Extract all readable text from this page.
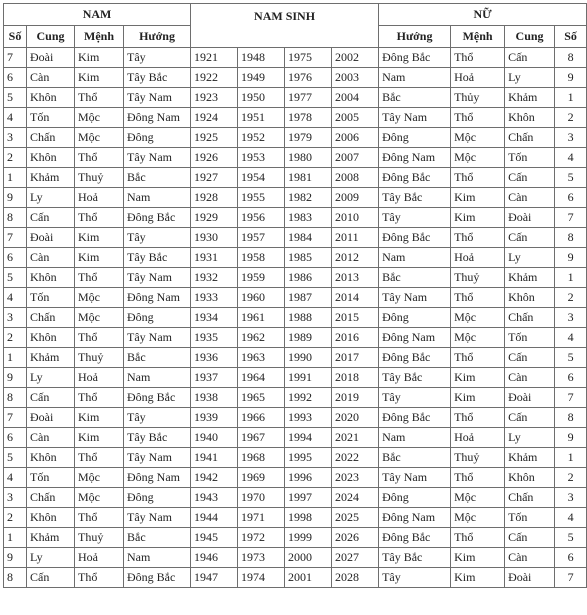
NAM				NAM SINH				NỮ			
Số	Cung	Mệnh	Hướng					Hướng	Mệnh	Cung	Số
7	Đoài	Kim	Tây	1921	1948	1975	2002	Đông Bắc	Thổ	Cấn	8
6	Càn	Kim	Tây Bắc	1922	1949	1976	2003	Nam	Hoả	Ly	9
5	Khôn	Thổ	Tây Nam	1923	1950	1977	2004	Bắc	Thủy	Khảm	1
4	Tốn	Mộc	Đông Nam	1924	1951	1978	2005	Tây Nam	Thổ	Khôn	2
3	Chấn	Mộc	Đông	1925	1952	1979	2006	Đông	Mộc	Chấn	3
2	Khôn	Thổ	Tây Nam	1926	1953	1980	2007	Đông Nam	Mộc	Tốn	4
1	Khảm	Thuỷ	Bắc	1927	1954	1981	2008	Đông Bắc	Thổ	Cấn	5
9	Ly	Hoả	Nam	1928	1955	1982	2009	Tây Bắc	Kim	Càn	6
8	Cấn	Thổ	Đông Bắc	1929	1956	1983	2010	Tây	Kim	Đoài	7
7	Đoài	Kim	Tây	1930	1957	1984	2011	Đông Bắc	Thổ	Cấn	8
6	Càn	Kim	Tây Bắc	1931	1958	1985	2012	Nam	Hoả	Ly	9
5	Khôn	Thổ	Tây Nam	1932	1959	1986	2013	Bắc	Thuỷ	Khảm	1
4	Tốn	Mộc	Đông Nam	1933	1960	1987	2014	Tây Nam	Thổ	Khôn	2
3	Chấn	Mộc	Đông	1934	1961	1988	2015	Đông	Mộc	Chấn	3
2	Khôn	Thổ	Tây Nam	1935	1962	1989	2016	Đông Nam	Mộc	Tốn	4
1	Khảm	Thuỷ	Bắc	1936	1963	1990	2017	Đông Bắc	Thổ	Cấn	5
9	Ly	Hoả	Nam	1937	1964	1991	2018	Tây Bắc	Kim	Càn	6
8	Cấn	Thổ	Đông Bắc	1938	1965	1992	2019	Tây	Kim	Đoài	7
7	Đoài	Kim	Tây	1939	1966	1993	2020	Đông Bắc	Thổ	Cấn	8
6	Càn	Kim	Tây Bắc	1940	1967	1994	2021	Nam	Hoả	Ly	9
5	Khôn	Thổ	Tây Nam	1941	1968	1995	2022	Bắc	Thuỷ	Khảm	1
4	Tốn	Mộc	Đông Nam	1942	1969	1996	2023	Tây Nam	Thổ	Khôn	2
3	Chấn	Mộc	Đông	1943	1970	1997	2024	Đông	Mộc	Chấn	3
2	Khôn	Thổ	Tây Nam	1944	1971	1998	2025	Đông Nam	Mộc	Tốn	4
1	Khảm	Thuỷ	Bắc	1945	1972	1999	2026	Đông Bắc	Thổ	Cấn	5
9	Ly	Hoả	Nam	1946	1973	2000	2027	Tây Bắc	Kim	Càn	6
8	Cấn	Thổ	Đông Bắc	1947	1974	2001	2028	Tây	Kim	Đoài	7
